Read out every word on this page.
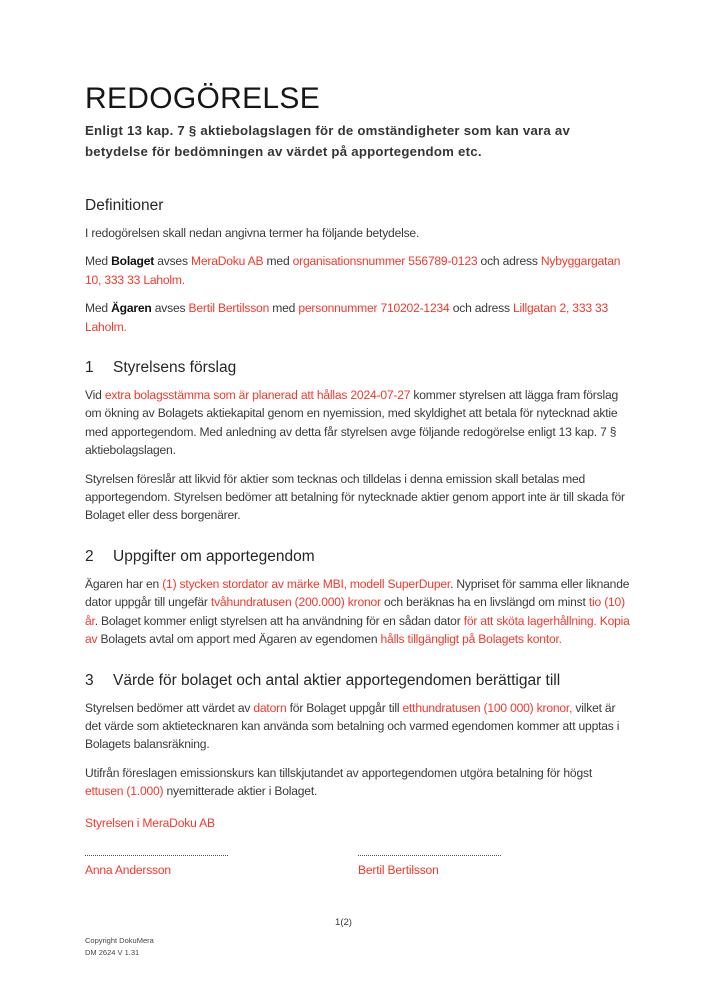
REDOGÖRELSE

Enligt 13 kap. 7 § aktiebolagslagen för de omständigheter som kan vara av betydelse för bedömningen av värdet på apportegendom etc.

Definitioner

I redogörelsen skall nedan angivna termer ha följande betydelse.

Med Bolaget avses MeraDoku AB med organisationsnummer 556789-0123 och adress Nybyggargatan 10, 333 33 Laholm.

Med Ägaren avses Bertil Bertilsson med personnummer 710202-1234 och adress Lillgatan 2, 333 33 Laholm.

1 Styrelsens förslag

Vid extra bolagsstämma som är planerad att hållas 2024-07-27 kommer styrelsen att lägga fram förslag om ökning av Bolagets aktiekapital genom en nyemission, med skyldighet att betala för nytecknad aktie med apportegendom. Med anledning av detta får styrelsen avge följande redogörelse enligt 13 kap. 7 § aktiebolagslagen.

Styrelsen föreslår att likvid för aktier som tecknas och tilldelas i denna emission skall betalas med apportegendom. Styrelsen bedömer att betalning för nytecknade aktier genom apport inte är till skada för Bolaget eller dess borgenärer.

2 Uppgifter om apportegendom

Ägaren har en (1) stycken stordator av märke MBI, modell SuperDuper. Nypriset för samma eller liknande dator uppgår till ungefär tvåhundratusen (200.000) kronor och beräknas ha en livslängd om minst tio (10) år. Bolaget kommer enligt styrelsen att ha användning för en sådan dator för att sköta lagerhållning. Kopia av Bolagets avtal om apport med Ägaren av egendomen hålls tillgängligt på Bolagets kontor.

3 Värde för bolaget och antal aktier apportegendomen berättigar till

Styrelsen bedömer att värdet av datorn för Bolaget uppgår till etthundratusen (100 000) kronor, vilket är det värde som aktietecknaren kan använda som betalning och varmed egendomen kommer att upptas i Bolagets balansräkning.

Utifrån föreslagen emissionskurs kan tillskjutandet av apportegendomen utgöra betalning för högst ettusen (1.000) nyemitterade aktier i Bolaget.

Styrelsen i MeraDoku AB

Anna Andersson	Bertil Bertilsson
1(2)
Copyright DokuMera
DM 2624 V 1.31
